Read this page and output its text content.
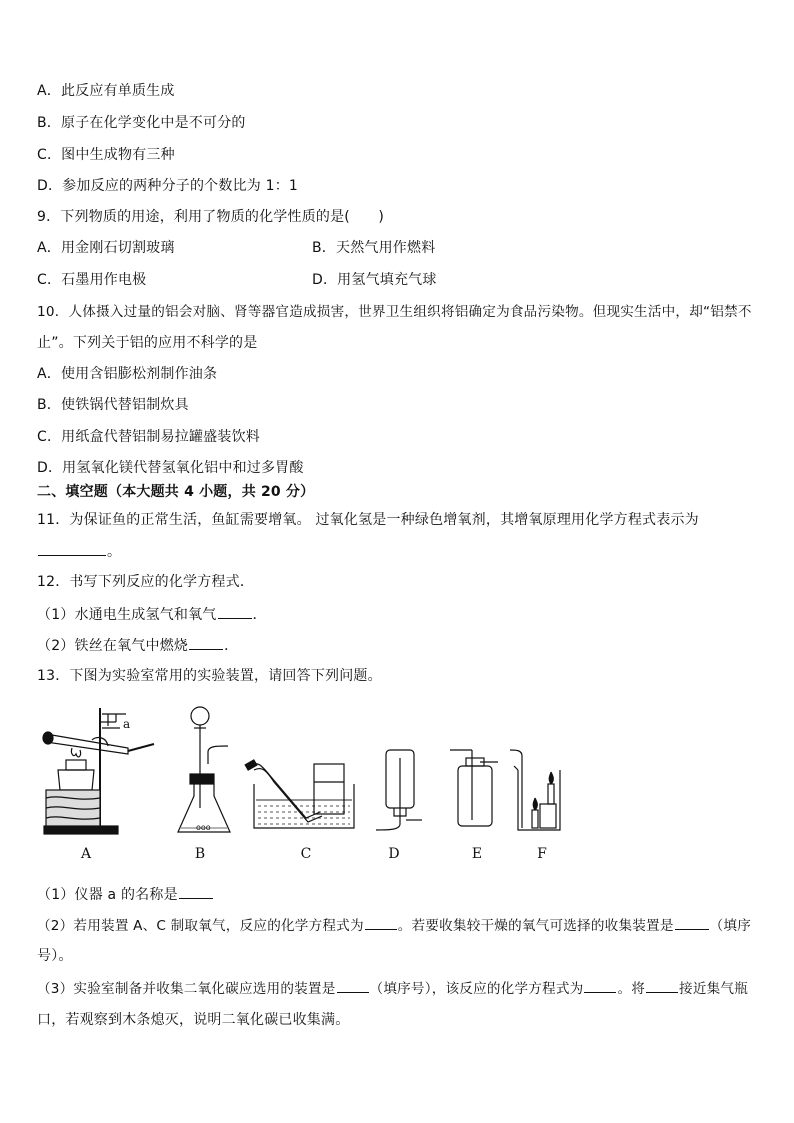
A．此反应有单质生成
B．原子在化学变化中是不可分的
C．图中生成物有三种
D．参加反应的两种分子的个数比为 1：1
9．下列物质的用途，利用了物质的化学性质的是(　　)
A．用金刚石切割玻璃	B．天然气用作燃料
C．石墨用作电极	D．用氢气填充气球
10．人体摄入过量的铝会对脑、肾等器官造成损害，世界卫生组织将铝确定为食品污染物。但现实生活中，却“铝禁不
止”。下列关于铝的应用不科学的是
A．使用含铝膨松剂制作油条
B．使铁锅代替铝制炊具
C．用纸盒代替铝制易拉罐盛装饮料
D．用氢氧化镁代替氢氧化铝中和过多胃酸
二、填空题（本大题共 4 小题，共 20 分）
11．为保证鱼的正常生活，鱼缸需要增氧。 过氧化氢是一种绿色增氧剂，其增氧原理用化学方程式表示为
。
12．书写下列反应的化学方程式．
（1）水通电生成氢气和氧气	．
（2）铁丝在氧气中燃烧	．
13．下图为实验室常用的实验装置，请回答下列问题。
a
ooo
A	B	C	D	E	F
（1）仪器 a 的名称是
（2）若用装置 A、C 制取氧气，反应的化学方程式为	。若要收集较干燥的氧气可选择的收集装置是	（填序
号）。
（3）实验室制备并收集二氧化碳应选用的装置是	（填序号），该反应的化学方程式为	。将	接近集气瓶
口，若观察到木条熄灭，说明二氧化碳已收集满。
